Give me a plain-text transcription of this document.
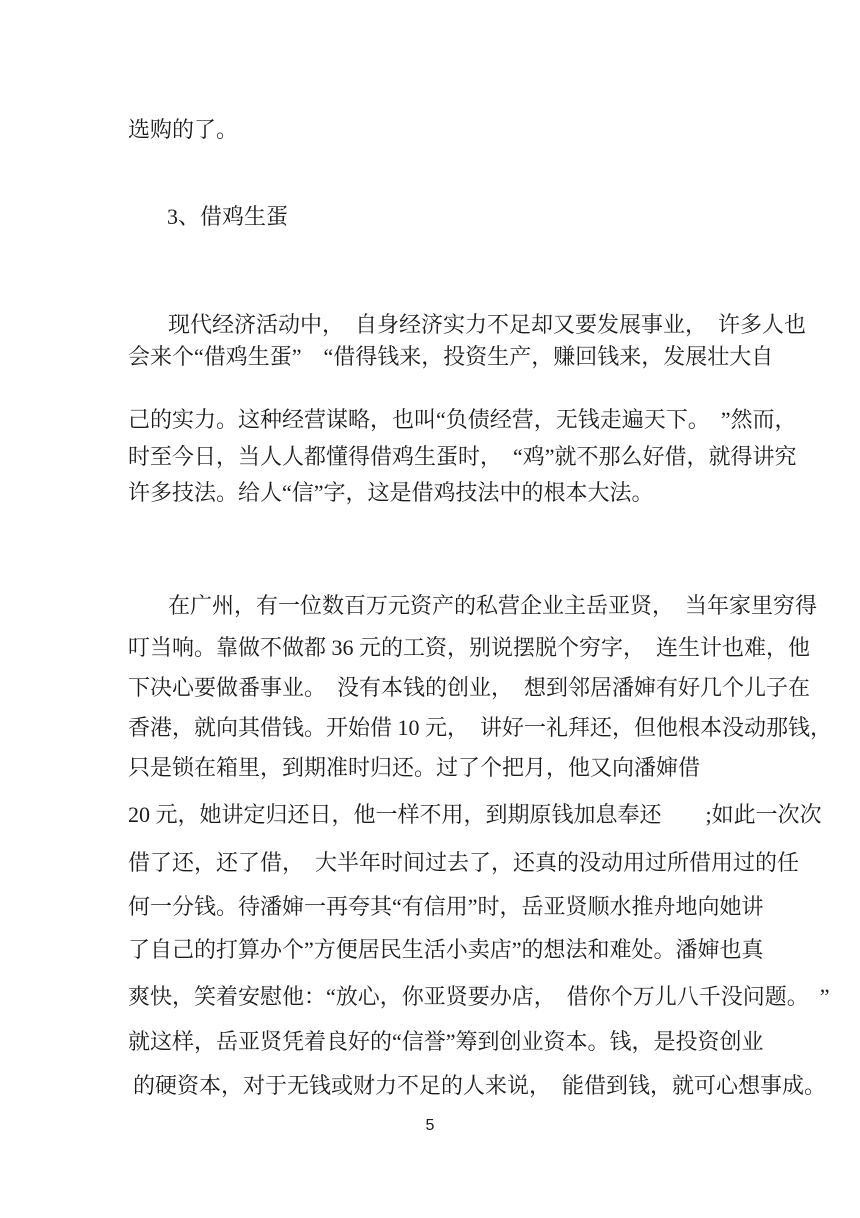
选购的了。
3、借鸡生蛋
现代经济活动中，　自身经济实力不足却又要发展事业，　许多人也
会来个“借鸡生蛋”　“借得钱来，投资生产，赚回钱来，发展壮大自
己的实力。这种经营谋略，也叫“负债经营，无钱走遍天下。　”然而，
时至今日，当人人都懂得借鸡生蛋时，　“鸡”就不那么好借，就得讲究
许多技法。给人“信”字，这是借鸡技法中的根本大法。
在广州，有一位数百万元资产的私营企业主岳亚贤，　当年家里穷得
叮当响。靠做不做都 36 元的工资，别说摆脱个穷字，　连生计也难，他
下决心要做番事业。　没有本钱的创业，　想到邻居潘婶有好几个儿子在
香港，就向其借钱。开始借 10 元，　讲好一礼拜还，但他根本没动那钱，
只是锁在箱里，到期准时归还。过了个把月，他又向潘婶借
20 元，她讲定归还日，他一样不用，到期原钱加息奉还　　;如此一次次
借了还，还了借，　大半年时间过去了，还真的没动用过所借用过的任
何一分钱。待潘婶一再夸其“有信用”时，岳亚贤顺水推舟地向她讲
了自己的打算办个”方便居民生活小卖店”的想法和难处。潘婶也真
爽快，笑着安慰他：“放心，你亚贤要办店，　借你个万儿八千没问题。　”
就这样，岳亚贤凭着良好的“信誉”筹到创业资本。钱，是投资创业
的硬资本，对于无钱或财力不足的人来说，　能借到钱，就可心想事成。
5
